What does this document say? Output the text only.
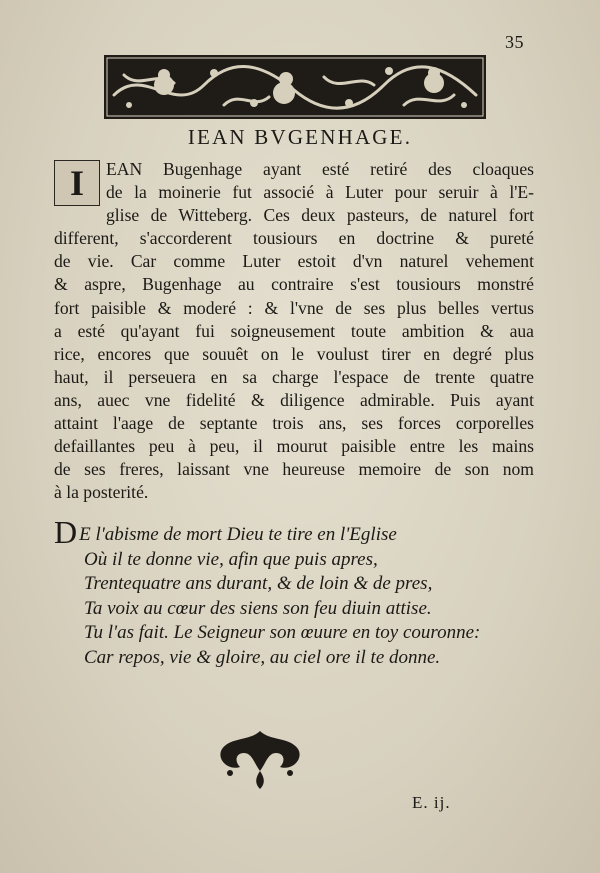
35
IEAN BVGENHAGE.
I	EAN Bugenhage ayant esté retiré des cloaques
de la moinerie fut associé à Luter pour seruir à l'E-
glise de Witteberg. Ces deux pasteurs, de naturel fort
different, s'accorderent tousiours en doctrine & pureté
de vie. Car comme Luter estoit d'vn naturel vehement
& aspre, Bugenhage au contraire s'est tousiours monstré
fort paisible & moderé : & l'vne de ses plus belles vertus
a esté qu'ayant fui soigneusement toute ambition & aua
rice, encores que souuêt on le voulust tirer en degré plus
haut, il perseuera en sa charge l'espace de trente quatre
ans, auec vne fidelité & diligence admirable. Puis ayant
attaint l'aage de septante trois ans, ses forces corporelles
defaillantes peu à peu, il mourut paisible entre les mains
de ses freres, laissant vne heureuse memoire de son nom
à la posterité.
D E l'abisme de mort Dieu te tire en l'Eglise
Où il te donne vie, afin que puis apres,
Trentequatre ans durant, & de loin & de pres,
Ta voix au cœur des siens son feu diuin attise.
Tu l'as fait. Le Seigneur son œuure en toy couronne:
Car repos, vie & gloire, au ciel ore il te donne.
E. ij.
